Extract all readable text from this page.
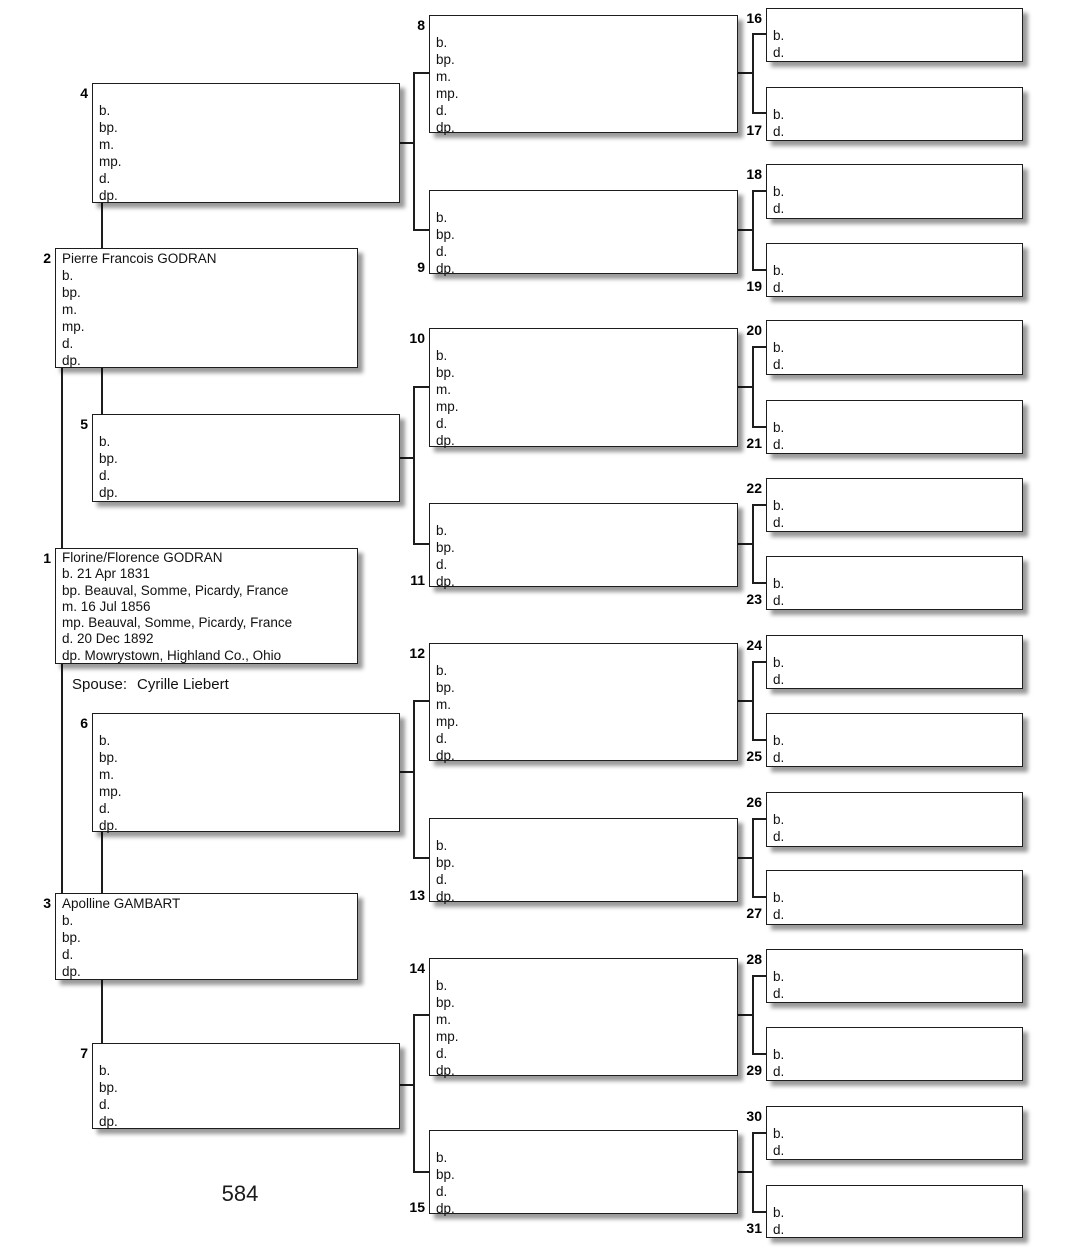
4
b.
bp.
m.
mp.
d.
dp.
2 Pierre Francois GODRAN
b.
bp.
m.
mp.
d.
dp.
5
b.
bp.
d.
dp.
1 Florine/Florence GODRAN
b. 21 Apr 1831
bp. Beauval, Somme, Picardy, France
m. 16 Jul 1856
mp. Beauval, Somme, Picardy, France
d. 20 Dec 1892
dp. Mowrystown, Highland Co., Ohio
Spouse: Cyrille Liebert
6
b.
bp.
m.
mp.
d.
dp.
3 Apolline GAMBART
b.
bp.
d.
dp.
7
b.
bp.
d.
dp.
8
b.
bp.
m.
mp.
d.
dp.
9
b.
bp.
d.
dp.
10
b.
bp.
m.
mp.
d.
dp.
11
b.
bp.
d.
dp.
12
b.
bp.
m.
mp.
d.
dp.
13
b.
bp.
d.
dp.
14
b.
bp.
m.
mp.
d.
dp.
15
b.
bp.
d.
dp.
16
b.
d.
17
b.
d.
18
b.
d.
19
b.
d.
20
b.
d.
21
b.
d.
22
b.
d.
23
b.
d.
24
b.
d.
25
b.
d.
26
b.
d.
27
b.
d.
28
b.
d.
29
b.
d.
30
b.
d.
31
b.
d.
584
